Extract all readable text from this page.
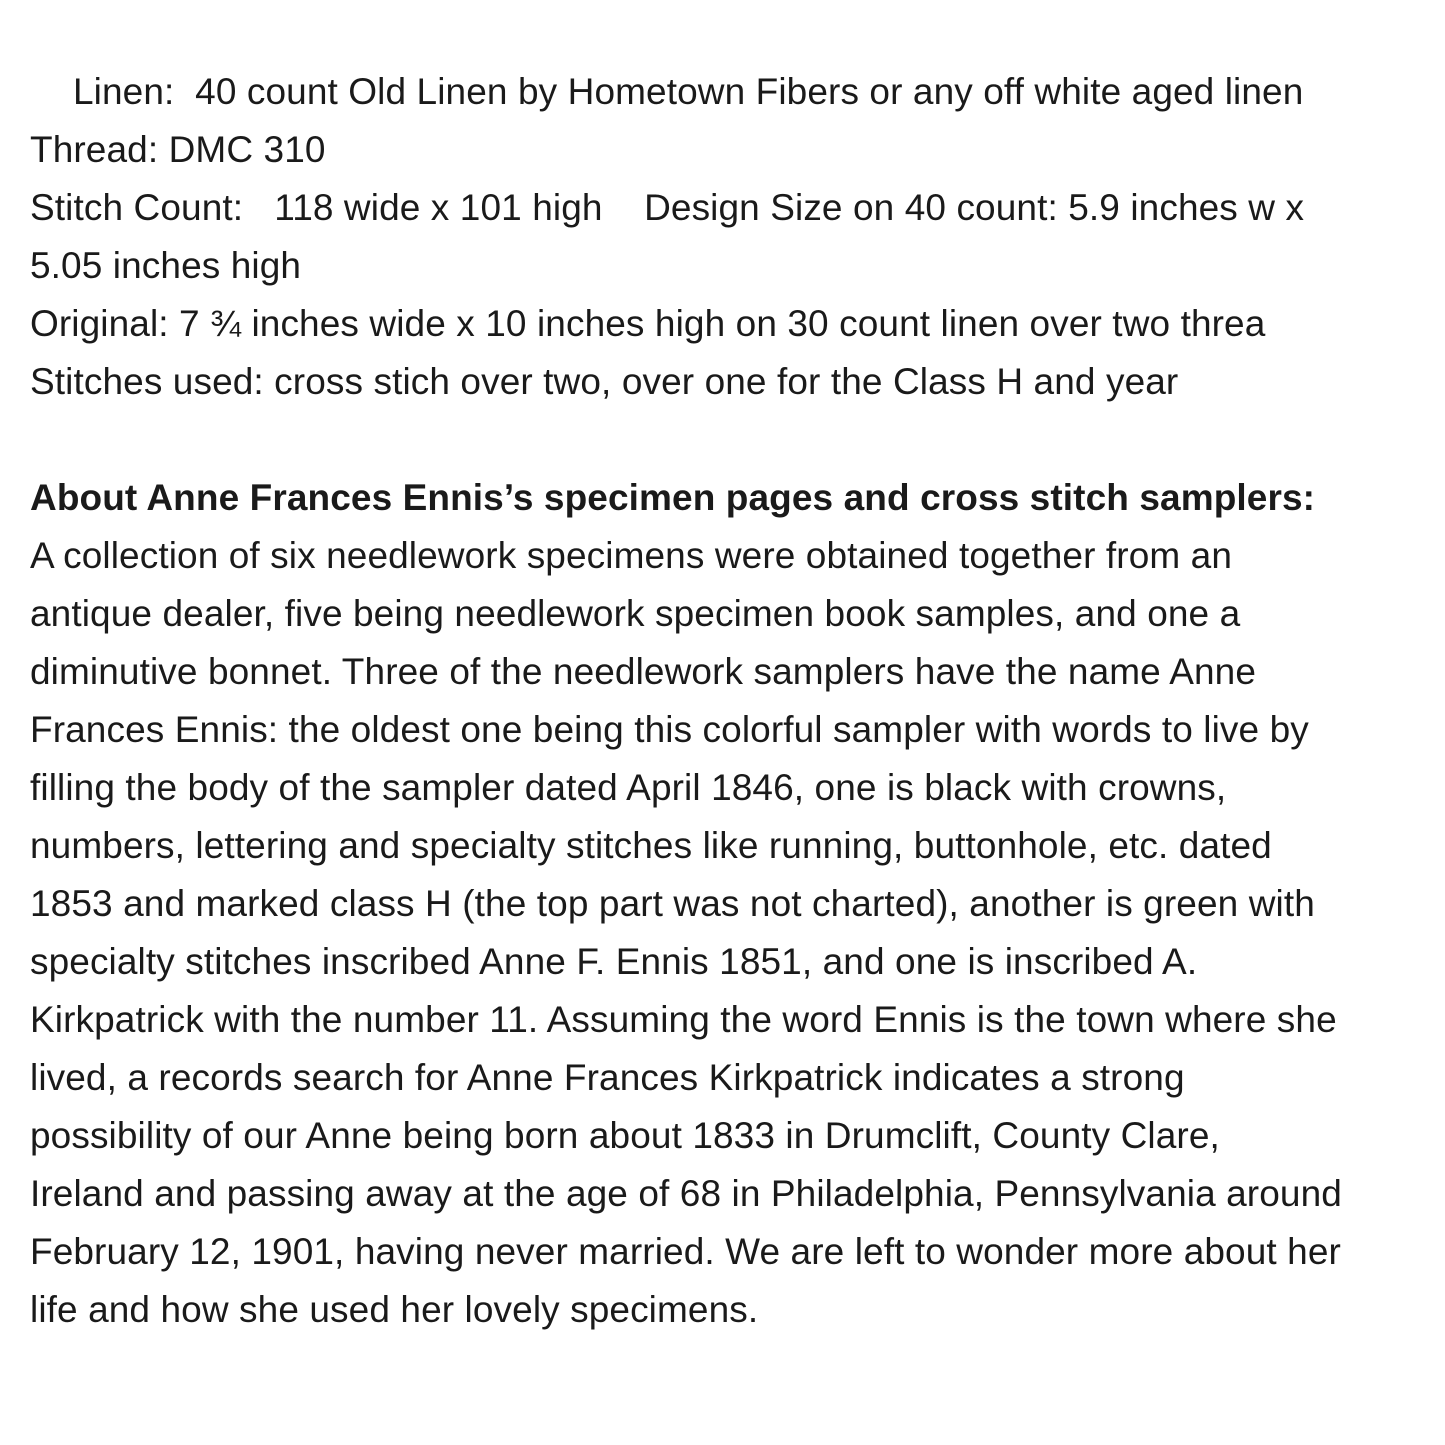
Linen:  40 count Old Linen by Hometown Fibers or any off white aged linen
Thread: DMC 310
Stitch Count:   118 wide x 101 high    Design Size on 40 count: 5.9 inches w x
5.05 inches high
Original: 7 ¾ inches wide x 10 inches high on 30 count linen over two threa
Stitches used: cross stich over two, over one for the Class H and year
About Anne Frances Ennis’s specimen pages and cross stitch samplers:
A collection of six needlework specimens were obtained together from an
antique dealer, five being needlework specimen book samples, and one a
diminutive bonnet. Three of the needlework samplers have the name Anne
Frances Ennis: the oldest one being this colorful sampler with words to live by
filling the body of the sampler dated April 1846, one is black with crowns,
numbers, lettering and specialty stitches like running, buttonhole, etc. dated
1853 and marked class H (the top part was not charted), another is green with
specialty stitches inscribed Anne F. Ennis 1851, and one is inscribed A.
Kirkpatrick with the number 11. Assuming the word Ennis is the town where she
lived, a records search for Anne Frances Kirkpatrick indicates a strong
possibility of our Anne being born about 1833 in Drumclift, County Clare,
Ireland and passing away at the age of 68 in Philadelphia, Pennsylvania around
February 12, 1901, having never married. We are left to wonder more about her
life and how she used her lovely specimens.
